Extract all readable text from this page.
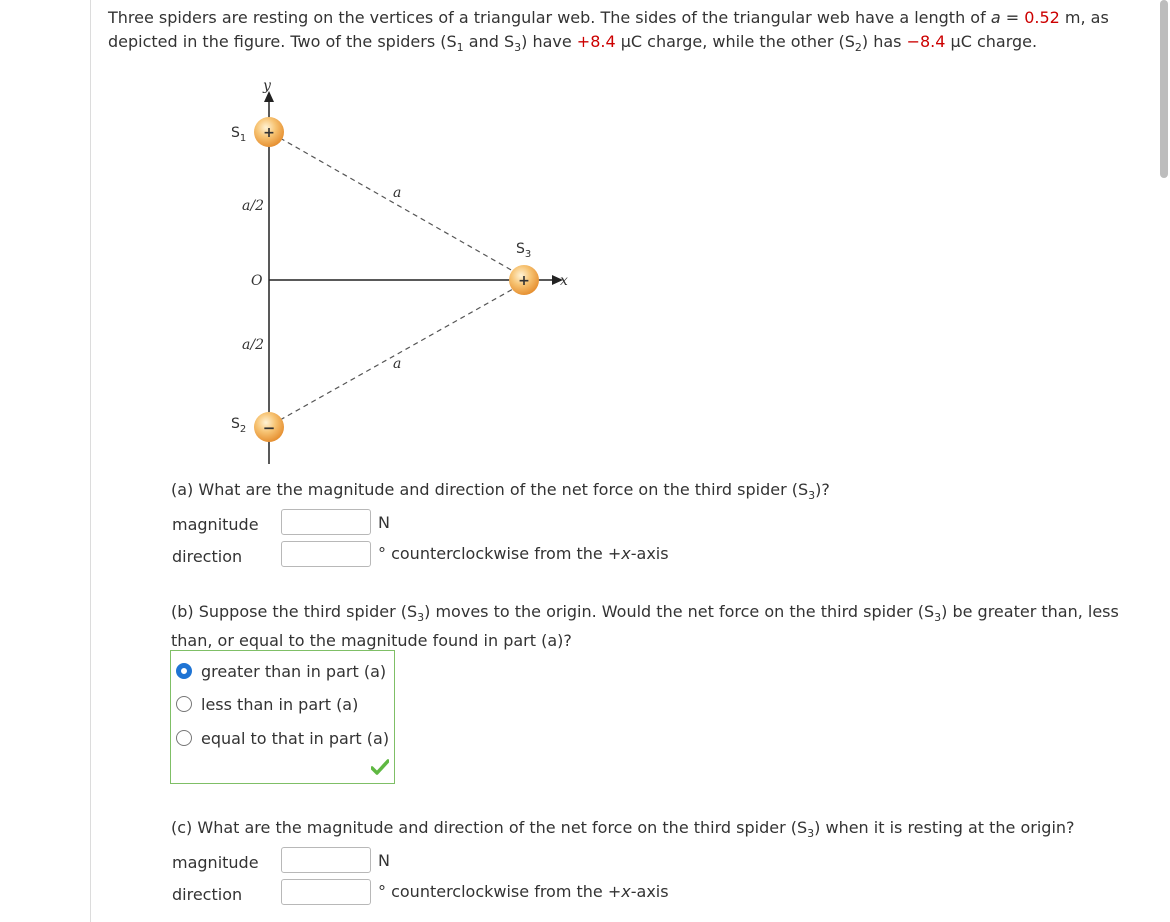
Three spiders are resting on the vertices of a triangular web. The sides of the triangular web have a length of a = 0.52 m, as depicted in the figure. Two of the spiders ($S_1$ and $S_3$) have +8.4 μC charge, while the other $(S_2)$ has −8.4 μC charge.
y
x
O
a/2
a/2
a
a
$S_1$
$S_2$
$S_3$
+
−
+
(a) What are the magnitude and direction of the net force on the third spider $(S_3)$?
magnitude	N
direction	° counterclockwise from the +x-axis
(b) Suppose the third spider $(S_3)$ moves to the origin. Would the net force on the third spider $(S_3)$ be greater than, less than, or equal to the magnitude found in part (a)?
greater than in part (a)
less than in part (a)
equal to that in part (a)
(c) What are the magnitude and direction of the net force on the third spider $(S_3)$ when it is resting at the origin?
magnitude	N
direction	° counterclockwise from the +x-axis
